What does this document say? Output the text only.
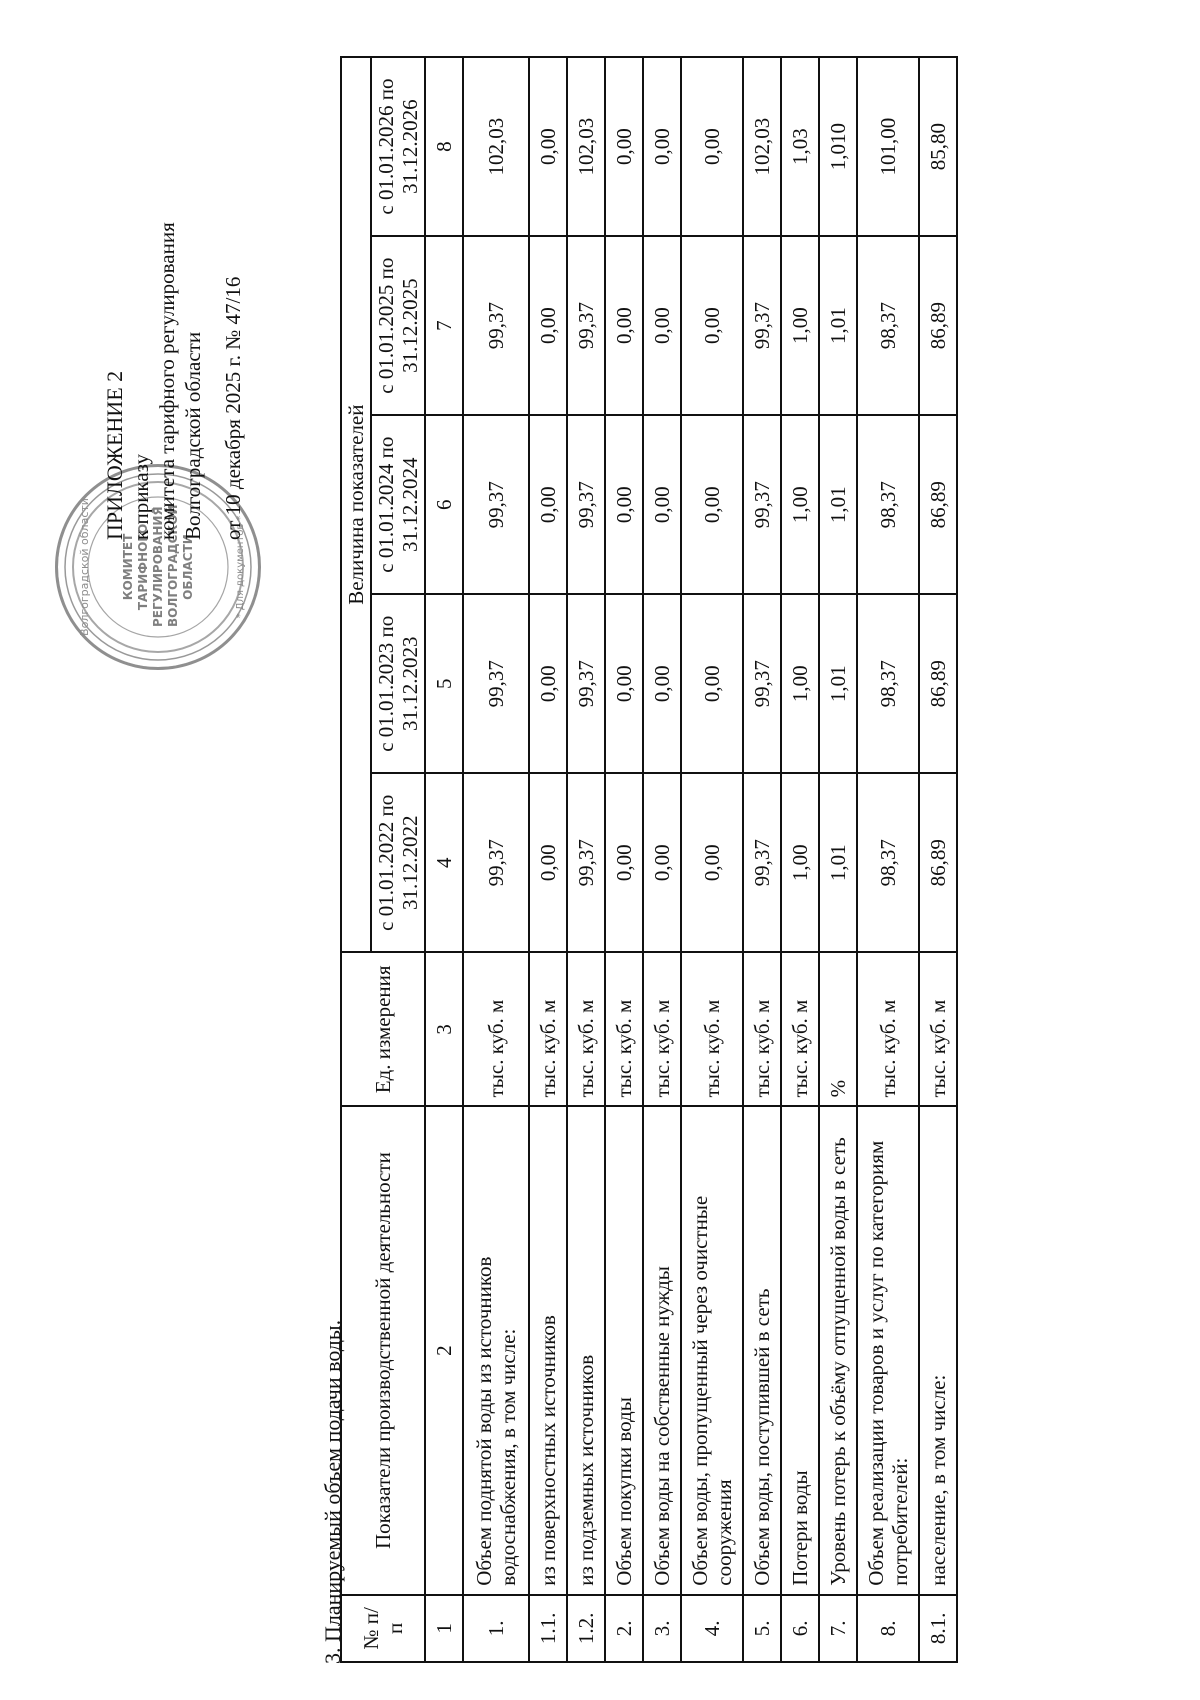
Волгоградской области	* Для документов *
КОМИТЕТ ТАРИФНОГО РЕГУЛИРОВАНИЯ ВОЛГОГРАДСКОЙ ОБЛАСТИ
ПРИЛОЖЕНИЕ 2 к приказу комитета тарифного регулирования Волгоградской области от 10 декабря 2025 г. № 47/16
3. Планируемый объем подачи воды. № п/п	Показатели производственной деятельности	Ед. измерения	Величина показателей				
			с 01.01.2022 по 31.12.2022	с 01.01.2023 по 31.12.2023	с 01.01.2024 по 31.12.2024	с 01.01.2025 по 31.12.2025	с 01.01.2026 по 31.12.2026
1	2	3	4	5	6	7	8
1.	Объем поднятой воды из источников водоснабжения, в том числе:	тыс. куб. м	99,37	99,37	99,37	99,37	102,03
1.1.	из поверхностных источников	тыс. куб. м	0,00	0,00	0,00	0,00	0,00
1.2.	из подземных источников	тыс. куб. м	99,37	99,37	99,37	99,37	102,03
2.	Объем покупки воды	тыс. куб. м	0,00	0,00	0,00	0,00	0,00
3.	Объем воды на собственные нужды	тыс. куб. м	0,00	0,00	0,00	0,00	0,00
4.	Объем воды, пропущенный через очистные сооружения	тыс. куб. м	0,00	0,00	0,00	0,00	0,00
5.	Объем воды, поступившей в сеть	тыс. куб. м	99,37	99,37	99,37	99,37	102,03
6.	Потери воды	тыс. куб. м	1,00	1,00	1,00	1,00	1,03
7.	Уровень потерь к объёму отпущенной воды в сеть	%	1,01	1,01	1,01	1,01	1,010
8.	Объем реализации товаров и услуг по категориям потребителей:	тыс. куб. м	98,37	98,37	98,37	98,37	101,00
8.1.	население, в том числе:	тыс. куб. м	86,89	86,89	86,89	86,89	85,80
